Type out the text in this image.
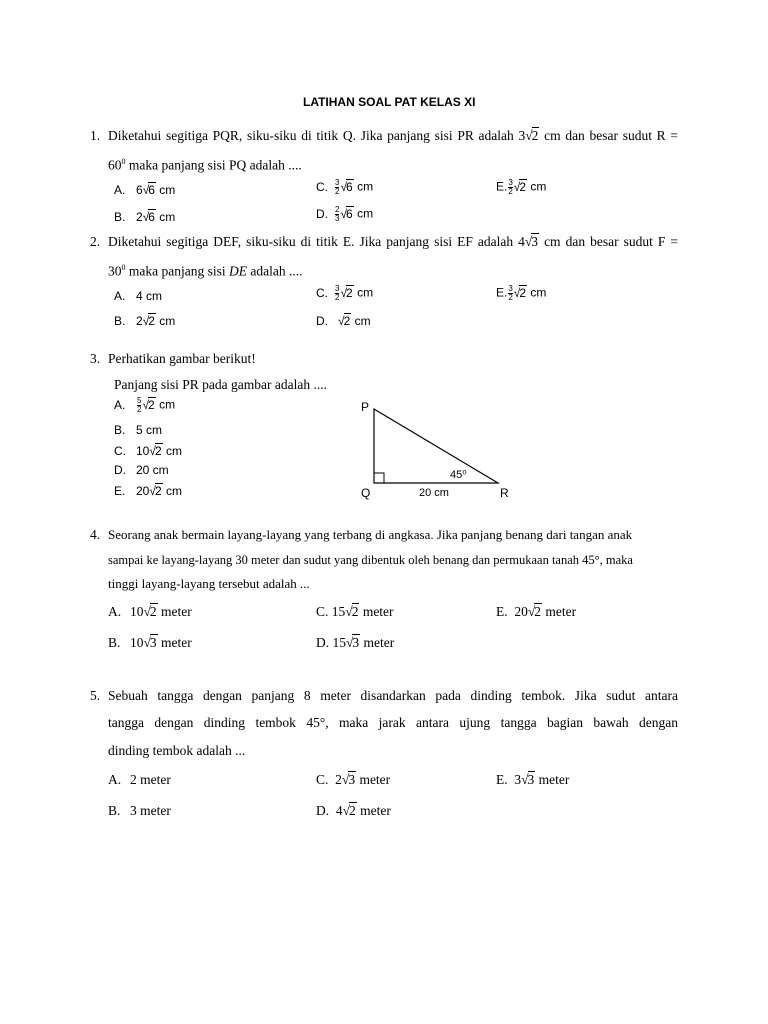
LATIHAN SOAL PAT KELAS XI
1. Diketahui segitiga PQR, siku-siku di titik Q. Jika panjang sisi PR adalah 3√2 cm dan besar sudut R =
$60^0$ maka panjang sisi PQ adalah ....
A. 6√6 cm	C. $\frac{3}{2} √6$ cm	E. $\frac{3}{2} √2$ cm
B. 2√6 cm	D. $\frac{2}{3} √6$ cm
2. Diketahui segitiga DEF, siku-siku di titik E. Jika panjang sisi EF adalah 4√3 cm dan besar sudut F =
$30^0$ maka panjang sisi DE adalah ....
A. 4 cm	C. $\frac{3}{2} √2$ cm	E. $\frac{3}{2} √2$ cm
B. 2√2 cm	D. √2 cm
3. Perhatikan gambar berikut!
Panjang sisi PR pada gambar adalah ....
A. $\frac{5}{2} √2$ cm
B. 5 cm
C. 10√2 cm
D. 20 cm
E. 20√2 cm
P
Q	R
45⁰
20 cm
4. Seorang anak bermain layang-layang yang terbang di angkasa. Jika panjang benang dari tangan anak
sampai ke layang-layang 30 meter dan sudut yang dibentuk oleh benang dan permukaan tanah 45°, maka
tinggi layang-layang tersebut adalah ...
A. 10√2 meter	C. 15√2 meter	E.  20√2 meter
B. 10√3 meter	D. 15√3 meter
5. Sebuah tangga dengan panjang 8 meter disandarkan pada dinding tembok. Jika sudut antara
tangga dengan dinding tembok 45°, maka jarak antara ujung tangga bagian bawah dengan
dinding tembok adalah ...
A. 2 meter	C.  2√3 meter	E.  3√3 meter
B. 3 meter	D.  4√2 meter
